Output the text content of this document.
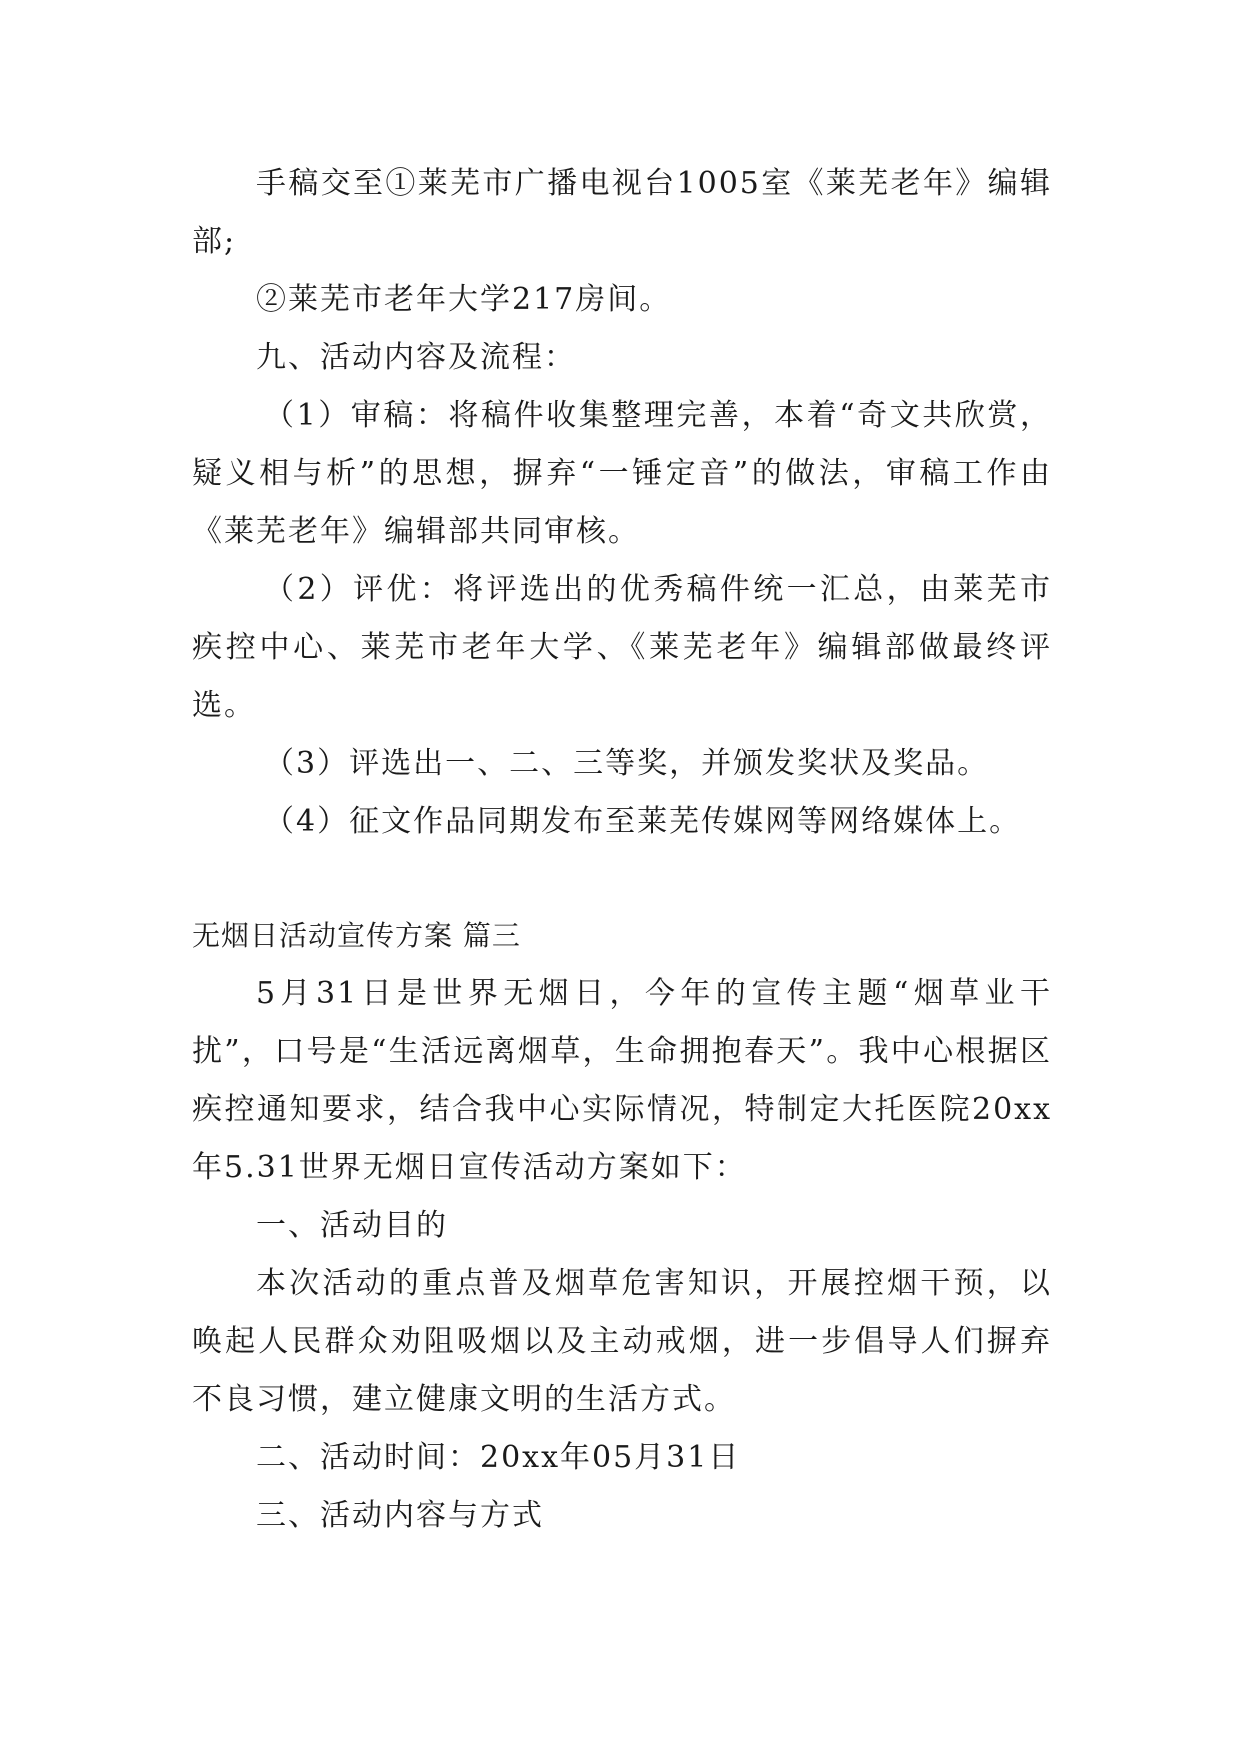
手稿交至①莱芜市广播电视台1005室《莱芜老年》编辑部;

②莱芜市老年大学217房间。

九、活动内容及流程：

（1）审稿：将稿件收集整理完善，本着“奇文共欣赏，疑义相与析”的思想，摒弃“一锤定音”的做法，审稿工作由《莱芜老年》编辑部共同审核。

（2）评优：将评选出的优秀稿件统一汇总，由莱芜市疾控中心、莱芜市老年大学、《莱芜老年》编辑部做最终评选。

（3）评选出一、二、三等奖，并颁发奖状及奖品。

（4）征文作品同期发布至莱芜传媒网等网络媒体上。

无烟日活动宣传方案 篇三

5月31日是世界无烟日，今年的宣传主题“烟草业干扰”，口号是“生活远离烟草，生命拥抱春天”。我中心根据区疾控通知要求，结合我中心实际情况，特制定大托医院20xx年5.31世界无烟日宣传活动方案如下：

一、活动目的

本次活动的重点普及烟草危害知识，开展控烟干预，以唤起人民群众劝阻吸烟以及主动戒烟，进一步倡导人们摒弃不良习惯，建立健康文明的生活方式。

二、活动时间：20xx年05月31日

三、活动内容与方式
